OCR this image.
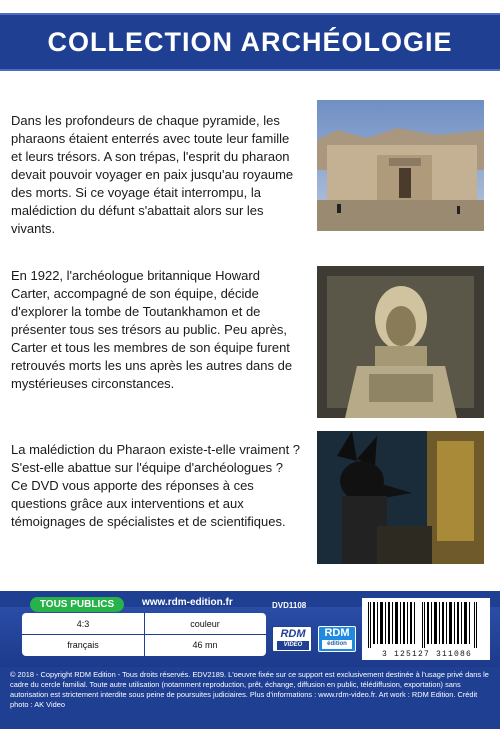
COLLECTION ARCHÉOLOGIE
Dans les profondeurs de chaque pyramide, les pharaons étaient enterrés avec toute leur famille et leurs trésors. A son trépas, l'esprit du pharaon devait pouvoir voyager en paix jusqu'au royaume des morts. Si ce voyage était interrompu, la malédiction du défunt s'abattait alors sur les vivants.
En 1922, l'archéologue britannique Howard Carter, accompagné de son équipe, décide d'explorer la tombe de Toutankhamon et de présenter tous ses trésors au public. Peu après, Carter et tous les membres de son équipe furent retrouvés morts les uns après les autres dans de mystérieuses circonstances.
La malédiction du Pharaon existe-t-elle vraiment ? S'est-elle abattue sur l'équipe d'archéologues ? Ce DVD vous apporte des réponses à ces questions grâce aux interventions et aux témoignages de spécialistes et de scientifiques.
TOUS PUBLICS	www.rdm-edition.fr	DVD1108
4:3	couleur
français	46 mn
RDM
VIDEO
RDM
édition
3 125127 311086
© 2018 - Copyright RDM Edition - Tous droits réservés. EDV2189. L'oeuvre fixée sur ce support est exclusivement destinée à l'usage privé dans le cadre du cercle familial. Toute autre utilisation (notamment reproduction, prêt, échange, diffusion en public, télédiffusion, exportation) sans autorisation est strictement interdite sous peine de poursuites judiciaires. Plus d'informations : www.rdm-video.fr. Art work : RDM Edition. Crédit photo : AK Video
